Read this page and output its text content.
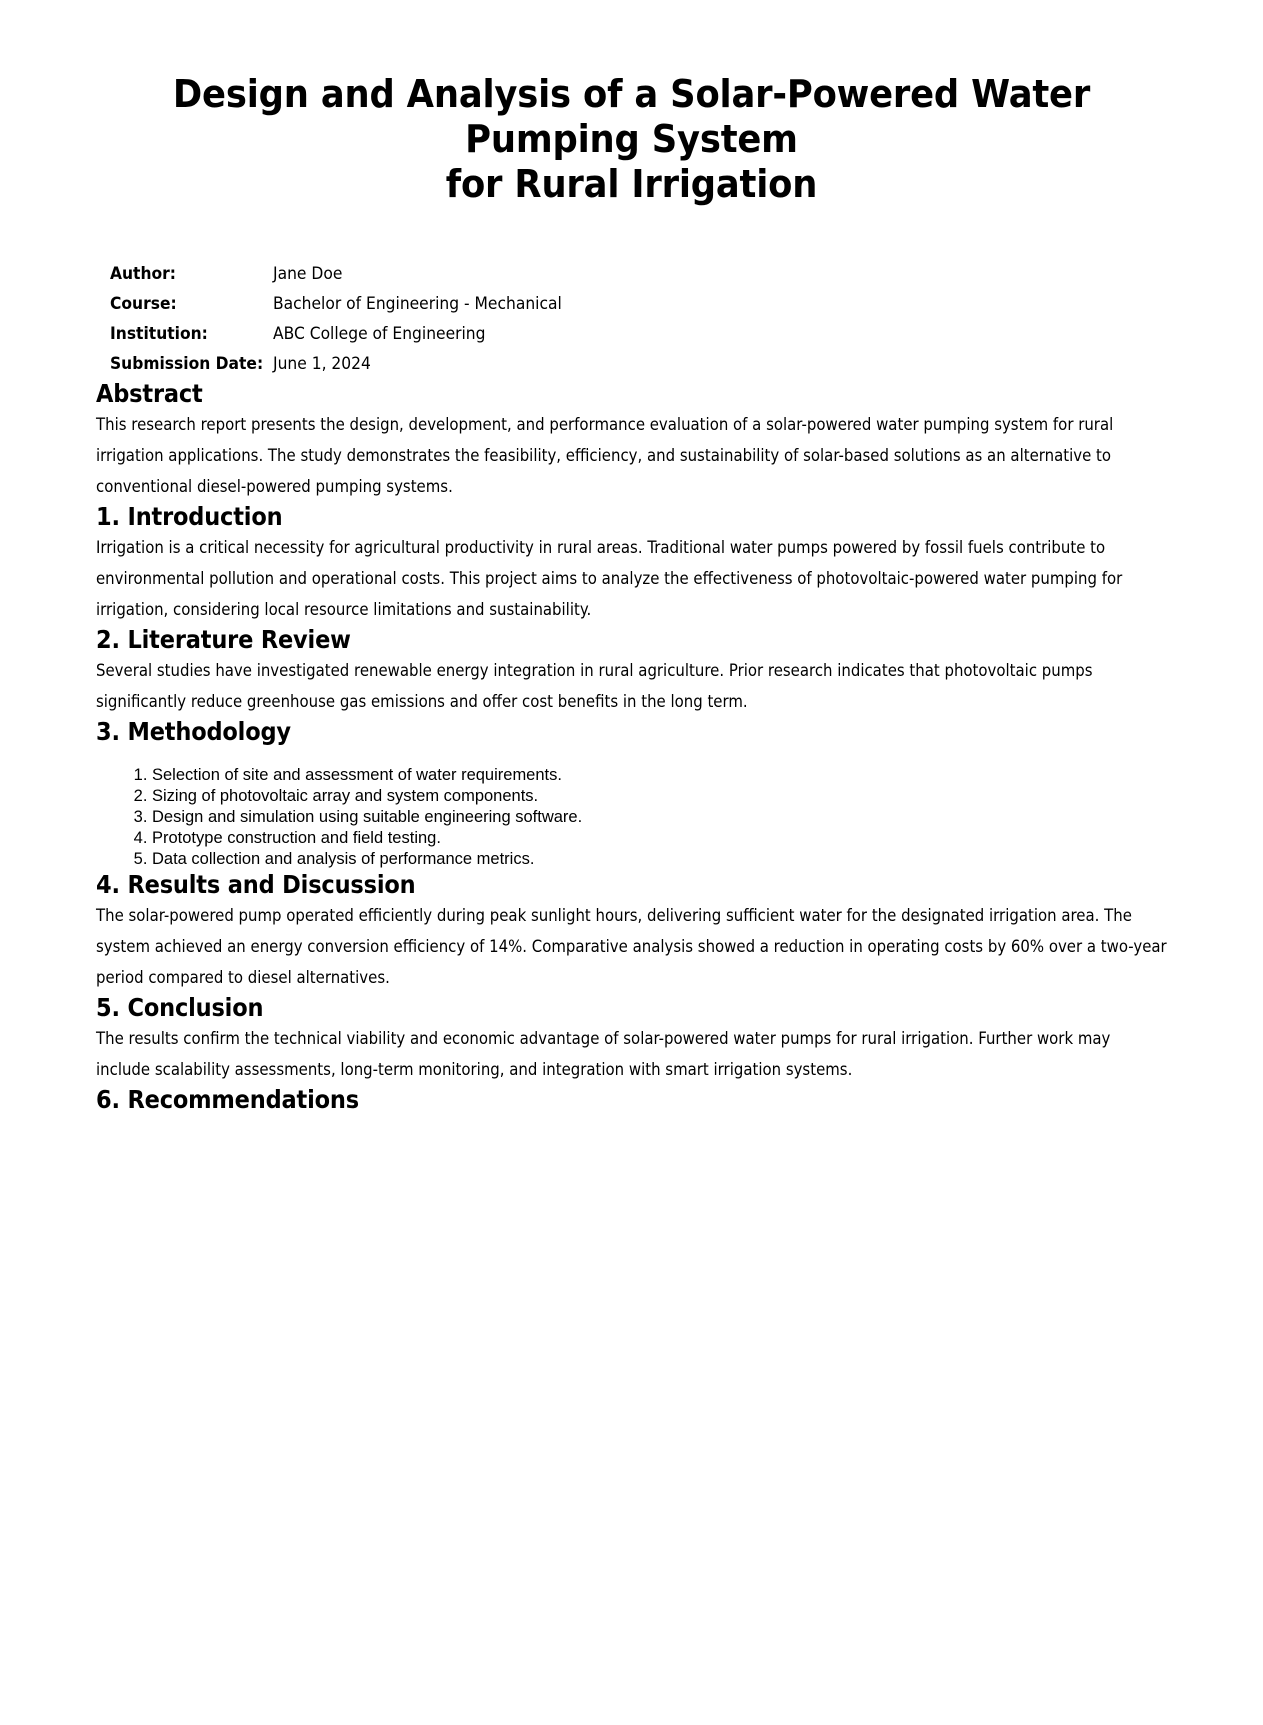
Design and Analysis of a Solar-Powered Water Pumping System
for Rural Irrigation
Author:	Jane Doe
Course:	Bachelor of Engineering - Mechanical
Institution:	ABC College of Engineering
Submission Date:	June 1, 2024
Abstract

This research report presents the design, development, and performance evaluation of a solar-powered water pumping system for rural irrigation applications. The study demonstrates the feasibility, efficiency, and sustainability of solar-based solutions as an alternative to conventional diesel-powered pumping systems.

1. Introduction

Irrigation is a critical necessity for agricultural productivity in rural areas. Traditional water pumps powered by fossil fuels contribute to environmental pollution and operational costs. This project aims to analyze the effectiveness of photovoltaic-powered water pumping for irrigation, considering local resource limitations and sustainability.

2. Literature Review

Several studies have investigated renewable energy integration in rural agriculture. Prior research indicates that photovoltaic pumps significantly reduce greenhouse gas emissions and offer cost benefits in the long term.

3. Methodology
1. Selection of site and assessment of water requirements.
2. Sizing of photovoltaic array and system components.
3. Design and simulation using suitable engineering software.
4. Prototype construction and field testing.
5. Data collection and analysis of performance metrics.
4. Results and Discussion

The solar-powered pump operated efficiently during peak sunlight hours, delivering sufficient water for the designated irrigation area. The system achieved an energy conversion efficiency of 14%. Comparative analysis showed a reduction in operating costs by 60% over a two-year period compared to diesel alternatives.

5. Conclusion

The results confirm the technical viability and economic advantage of solar-powered water pumps for rural irrigation. Further work may include scalability assessments, long-term monitoring, and integration with smart irrigation systems.

6. Recommendations
